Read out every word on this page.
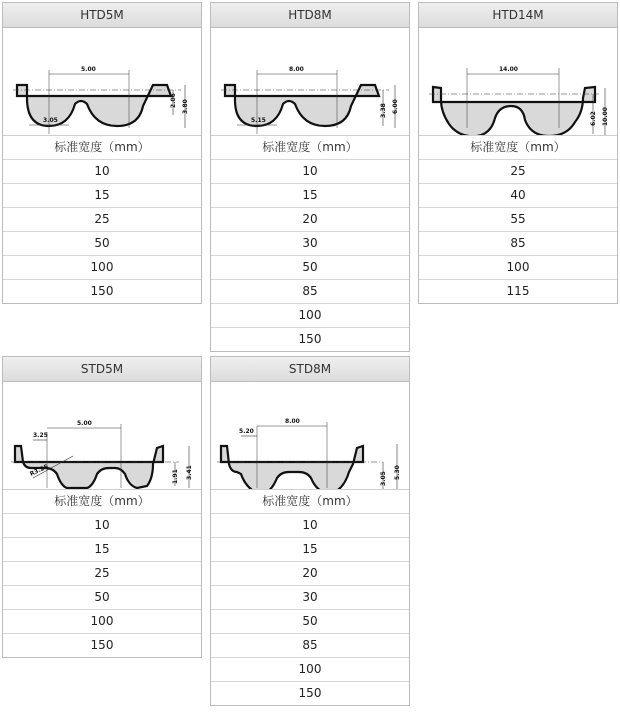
HTD5M
5.00
3.05
2.06 3.80
标准宽度（mm）
10
15
25
50
100
150
HTD8M
8.00
5.15
3.38 6.00
标准宽度（mm）
10
15
20
30
50
85
100
150
HTD14M
14.00
6.02 10.00
标准宽度（mm）
25
40
55
85
100
115
STD5M
3.25
5.00
R3.25	1.91 3.41
标准宽度（mm）
10
15
25
50
100
150
STD8M
5.20
8.00
3.05 5.30
标准宽度（mm）
10
15
20
30
50
85
100
150
